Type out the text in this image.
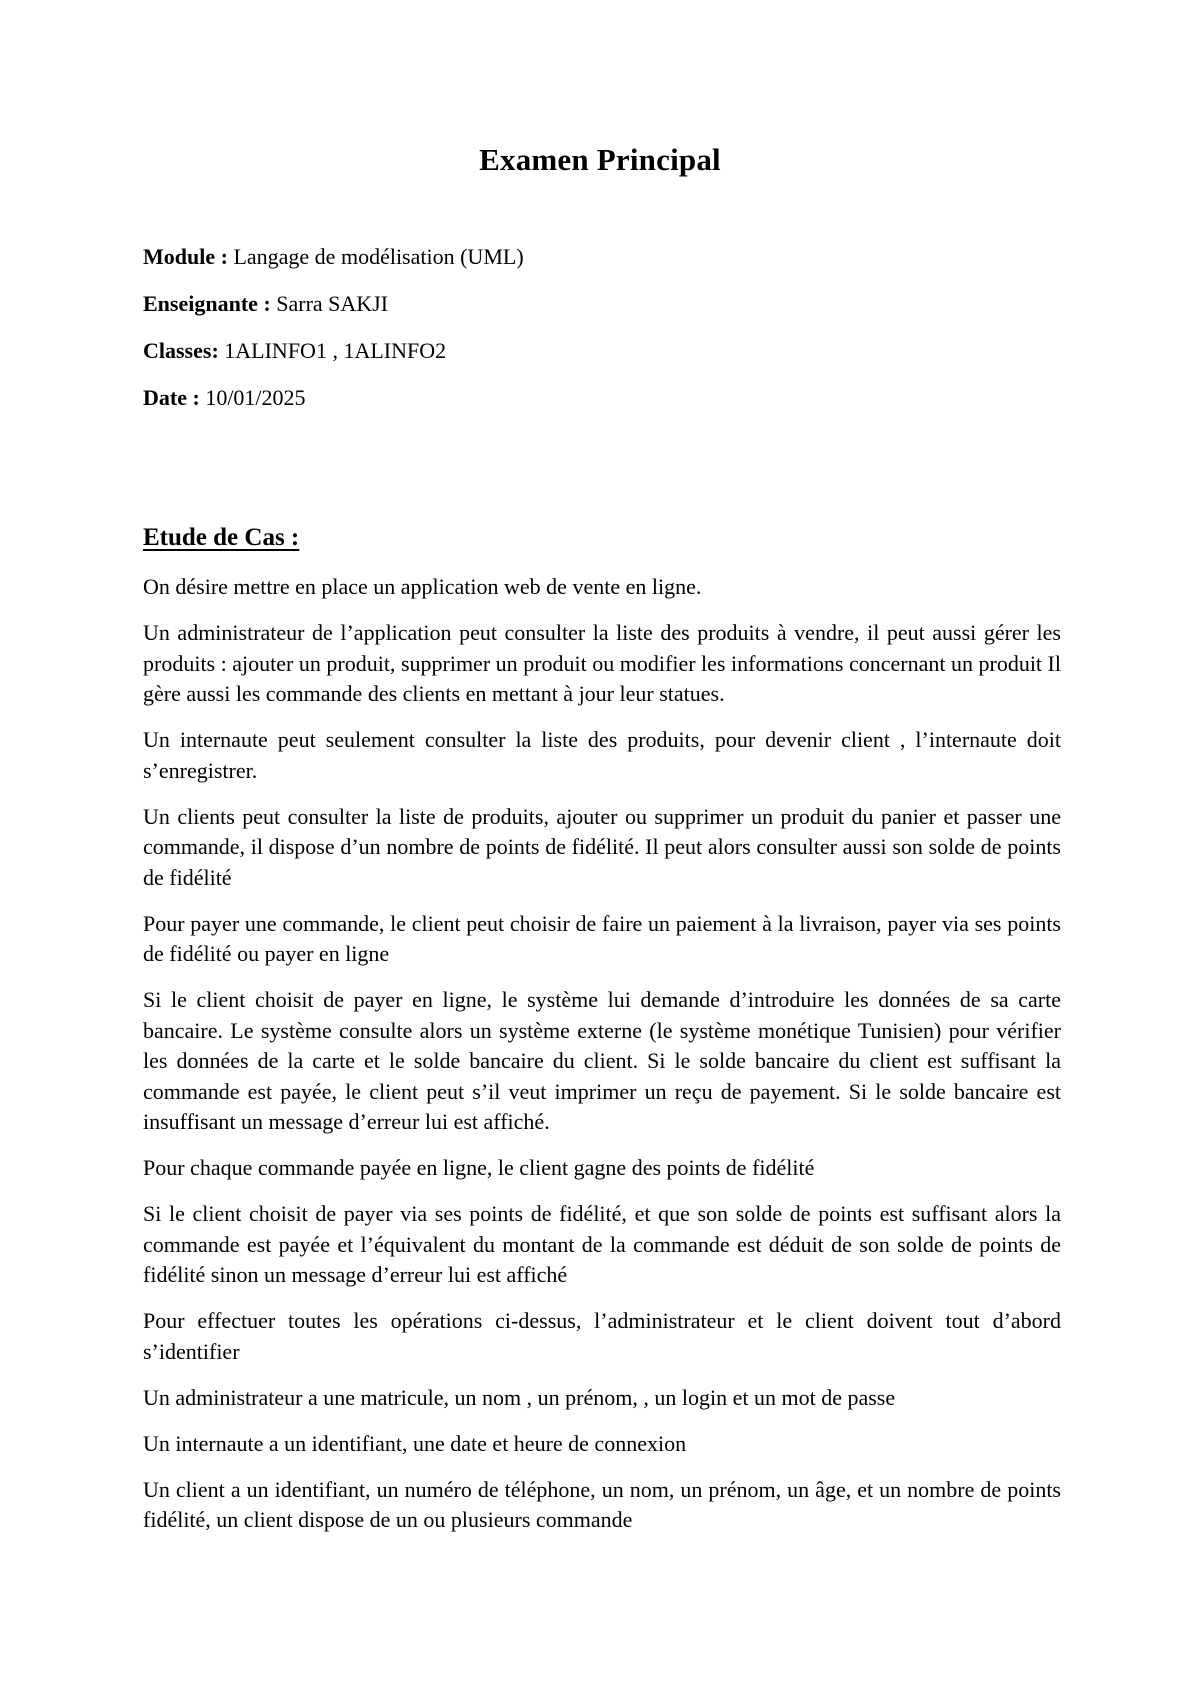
Examen Principal
Module : Langage de modélisation (UML)
Enseignante : Sarra SAKJI
Classes: 1ALINFO1 , 1ALINFO2
Date : 10/01/2025
Etude de Cas :

On désire mettre en place un application web de vente en ligne.

Un administrateur de l’application peut consulter la liste des produits à vendre, il peut aussi gérer les produits : ajouter un produit, supprimer un produit ou modifier les informations concernant un produit Il gère aussi les commande des clients en mettant à jour leur statues.

Un internaute peut seulement consulter la liste des produits, pour devenir client , l’internaute doit s’enregistrer.

Un clients peut consulter la liste de produits, ajouter ou supprimer un produit du panier et passer une commande, il dispose d’un nombre de points de fidélité. Il peut alors consulter aussi son solde de points de fidélité

Pour payer une commande, le client peut choisir de faire un paiement à la livraison, payer via ses points de fidélité ou payer en ligne

Si le client choisit de payer en ligne, le système lui demande d’introduire les données de sa carte bancaire. Le système consulte alors un système externe (le système monétique Tunisien) pour vérifier les données de la carte et le solde bancaire du client. Si le solde bancaire du client est suffisant la commande est payée, le client peut s’il veut imprimer un reçu de payement. Si le solde bancaire est insuffisant un message d’erreur lui est affiché.

Pour chaque commande payée en ligne, le client gagne des points de fidélité

Si le client choisit de payer via ses points de fidélité, et que son solde de points est suffisant alors la commande est payée et l’équivalent du montant de la commande est déduit de son solde de points de fidélité sinon un message d’erreur lui est affiché

Pour effectuer toutes les opérations ci-dessus, l’administrateur et le client doivent tout d’abord s’identifier

Un administrateur a une matricule, un nom , un prénom, , un login et un mot de passe

Un internaute a un identifiant, une date et heure de connexion

Un client a un identifiant, un numéro de téléphone, un nom, un prénom, un âge, et un nombre de points fidélité, un client dispose de un ou plusieurs commande
